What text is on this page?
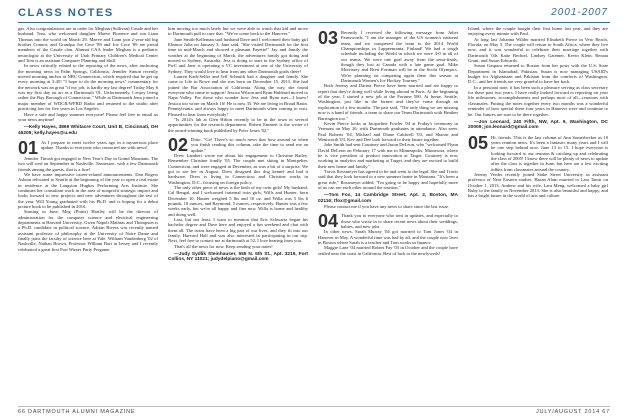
CLASS NOTES	2001-2007

gas. Also congratulations are in order for Meghan (Sullivan) Casale and her husband, Tom, who welcomed daughter Maeve Florence and son Liam Thomas into the world on March 29. Maeve and Liam join 2-year-old big brother Connor, and Grandpa Joe Cece '89 and Joe Cece '89 are proud members of the Casale clan. Alumni CAA leader Meghan is a pediatric neurologist at the University of Utah Primary Children's Medical Center and Tom is an assistant Computer Planning and Skill.

In news critically related to the reporting of the news, after anchoring the morning news in Palm Springs, California, Jennifer Simon recently moved morning anchor at NBC Connecticut, which required that he get up every morning at 3:45! "I hope to do the morning news" commentary for the network was an great "if my job, is hardly my last degree! Today May 6 was my first day on air as a Dartmouth '01. Unfortunately, I enjoy living rather the Bay Borough of Connecticut." While at Dartmouth Jenn joined a major member of WDCR/WFRD Radio and returned to the studio after practicing law for five years in Los Angeles.

Have a safe and happy summer everyone! Please feel free to email us your news anytime!

—Kelly Hayes, 3869 Whitacre Court, Unit B, Cincinnati, OH 45208; kelly.hayes@u.edu

01 As I prepare to meet twelve years ago in a mysterious place update. Thanks to everyone who contacted me with news!

Jennifer Thrush got engaged to New Year's Day in Grand Mountain. The two will wed on September in Nashville, Tennessee, with a few Dartmouth friends among the guests, that is a fine!

We have some impressive career-related announcements. Dan Rogers Ashton relocated to Seattle at the beginning of the year to open a real estate in residence at the Langston Hughes Performing Arts Institute. She continues her consultant work in the area of nonprofit strategic impact and looks forward to new projects and new adventures throughout the rest of the year. Will Young graduated with his Ph.D. and is hoping for a debut picture book to be published in 2016.

Starting in June, Meg (Pratts) Hartley will be the director of administration for the computer science and electrical engineering departments at Harvard University. Gwen Napoli Mathias and Thompson is a Ph.D. candidate in political science. Adrian Rivera was recently named assistant professor of philosophy at the University of Notre Dame and finally joins the faculty of science here at Yale. William Vandenberg '02 of Nashville, Nathan Brown, Professor William Bari in Jersey and I recently celebrated a great first Fort Winter Party Pregame.

him moving too much lately but we were able to watch that kid and move to Dartmouth pull to cure that. "We've come back to the Hanover."

Jane Smith-Kelleman said husband Dave and I welcomed their baby girl Eleanor Julia on January 3. Jane said, "She visited Dartmouth for the first time in mid-March and showed a pleasant Fayette!" Jay and family the weather at the beginning of March, the adventures family got doing and moved to Sydney, Australia. Jess is doing to start in the Sydney office of PwC and Jane is operating a VC investment at one of the University of Sydney. They would love to hear from any other Dartmouth grads there!

Lauren Kath-Seller and Jeff Schmidt had a daughter and family. She came to Life in Rowe and she was born on December 15, 2013. She had joined the Bar Association of California. Along the way, she found everyone who came to support! Jessica Wilson and Ryan Hubbard moved to Napa Valley. For those who wonder how Jess and Ryan met—I know! Jessica too wrote on March 16! He is now 35. We are living in Broad Basin. Pennsylvania, and always happy to meet Dartmouth when coming to visit. Pleased to hear from everybody!

"Is 2014's lab at Glen Hilton recently to be in the town in several opportunities for the research department. Robert Emmett is the writer of the award-winning book published by Peter Jones '02."

02 Ditto, "Go! There's so much news that how around so when you finish reading this column, take the time to send me an update."

Drew Lambert wrote me about his engagement to Christine Bailey. Remember Christine fondly '05. The couple met skiing in Montpelier, Connecticut, and were engaged in December, as was a bit of a surprise. We got to see her in August. Drew designed this dog kennel and had it hardware. Drew is living in Connecticut and Christine works in Washington, D.C., focusing on foreign policy.

The only other piece of news is the birth of my twin girls! My husband, Cal Bengal, and I welcomed fraternal twin girls, Wills and Hunter, born December 10. Hunter weighed 5 lbs and 10 oz. and Willa was 5 lbs 6 pounds, 10 ounces, and Raymond, 5 ounces, respectively. Hunter was a few weeks early, but we're all happy and fine now. Willa is home and healthy and doing well.

Last, but not least, I want to mention that Eric Schwartz began his bachelor degree and Dave here and enjoyed a fun weekend and chat with them all. The twins have been a big part of our lives, and they fit into our family. Harvard Hall and was also interested in participating in our trip. Next, feel free to contact me at dartmouth at 52, I love hearing from you.

That's all the news for now. Keep sending your notes!

—Judy Sydlik Steinhauser, 555 N. 5th St., Apt. 3219, Fort Collins, NY 11021; judydelpiano@gmail.com

03 Recently I received the following message from Juliet Farnsworth: "I am the manager of the US women's national team, and we conquered the team to the 2014 World Championships in Lappeenranta, Finland! We had a tough schedule including the World in which we were 4-0 in all of our teams. We were one goal away from the semi-finals, though they lost at Canada with a late game goal. Mike Morrissey and Brett Fortman will be in the Sochi Olympics. We're planning on competing again there this season at Dartmouth Women's Ice Hockey Tourney."

Both Jeremy and Darina Pierce have been married and are happy to report that they're doing well while living abroad in Paris. At the beginning of the year, I started a new job at the Fortune 500. At home, Seattle, Washington, just like in the former and they've come through an exploration of a few months. The pair said, "The only thing we are missing now is a band of friends, a team to share our Team Dartmouth with Heather Barrington too."

Kevin Pierce looks at Jacqueline Fowler '04 at Friday's ceremony in Vermont on May 26, with Dartmouth graduates in attendance. Also seen: Paul Roberts '04, Michael and Diane Caldwell '03, and Sharon and Wentworth '03. Kev and Dee look forward to their future together.

Jake Smith had sent Courtney and Jason DeLeon, who "welcomed Flynn David DeLeon on February 17 with me in Minneapolis, Minnesota, where he is vice president of product innovation at Target. Courtney is now working in analytics and marketing at Target, and they are excited to build their new home and family."

Travis Rossmeyer has agreed to be and went to the legal. She and Travis said that they look forward to a new summer home in Montana. "It's been a great ride," Rossmeyer added, "I'm going to be happy and hopefully more of us can see each other around the reunion."

—Tom Fox, 14 Cambridge Street, Apt. 2, Boston, MA 02116; tfox@gmail.com

Please contact me if you have any news to share since the last issue.

04 Thank you to everyone who sent in updates, and especially to those who wrote in to share recent news about their weddings, babies, and new jobs.

In other news, Sarah Murray '04 got married to Tom Jones '04 in Hanover in May. A wonderful time was had by all, and the couple now lives in Boston where Sarah is a teacher and Tom works in finance.

Maggie Lane '04 married Robert Fay '03 in October and the couple have settled near the coast in California. Best of luck to the newlyweds!

Island, where the couple bought their first home last year, and they are enjoying every minute with Paul.

At long last Johanna Wilder married Elisabeth Pierce in Vero Beach, Florida, on May 3. The couple will return to South Africa, where they live now, and it was wonderful to celebrate their marriage together with Dartmouth '04s Katie Bechtel, Lindsey Gatemer, Kevin Klein, Renata Grant, and Susan Edwards.

Susan Gaspara returned to Boston from her posts with the U.S. State Department in Islamabad, Pakistan. Susan is now managing USAID's budget for Afghanistan and Pakistan from the comforts of Washington, D.C., and her friends are very grateful to have her back.

In a personal note, it has been such a pleasure serving as class secretary for these past two years. I have really looked forward to reporting on your life milestones, accomplishments and perhaps most of all—reunions with classmates. Putting the notes together every two months was a wonderful reminder of how special these four years in Hanover were and continue to be. Our futures are sure to be there together.

—Jon Leonard, 240 Fifth, NW, Apt. 9, Washington, DC 20009; jon.leonard@gmail.com

05 Hi, friends. This is the last column of Ann Somerbecker as 10 years reunion news. It's been a fantastic many years and I will be one step behind now. June 13 to 15. I hope everyone is looking forward to our reunion & catching up and celebrating the class of 2005! I know there will be plenty of news to update after the class is together in June, but here are a few exciting tidbits from classmates around the country.

Jeremy Verdes recently joined Stake Street University as assistant professor of Near Eastern studies. Hasan Alam married to Lara Tamir on October 1, 2013. Andrew and his wife, Lara Meng, welcomed a baby girl Ruby to the family in November 2013. She is also beautiful and happy, and has a bright future in the world of arts and culture.

66 DARTMOUTH ALUMNI MAGAZINE	JULY/AUGUST 2014 67
